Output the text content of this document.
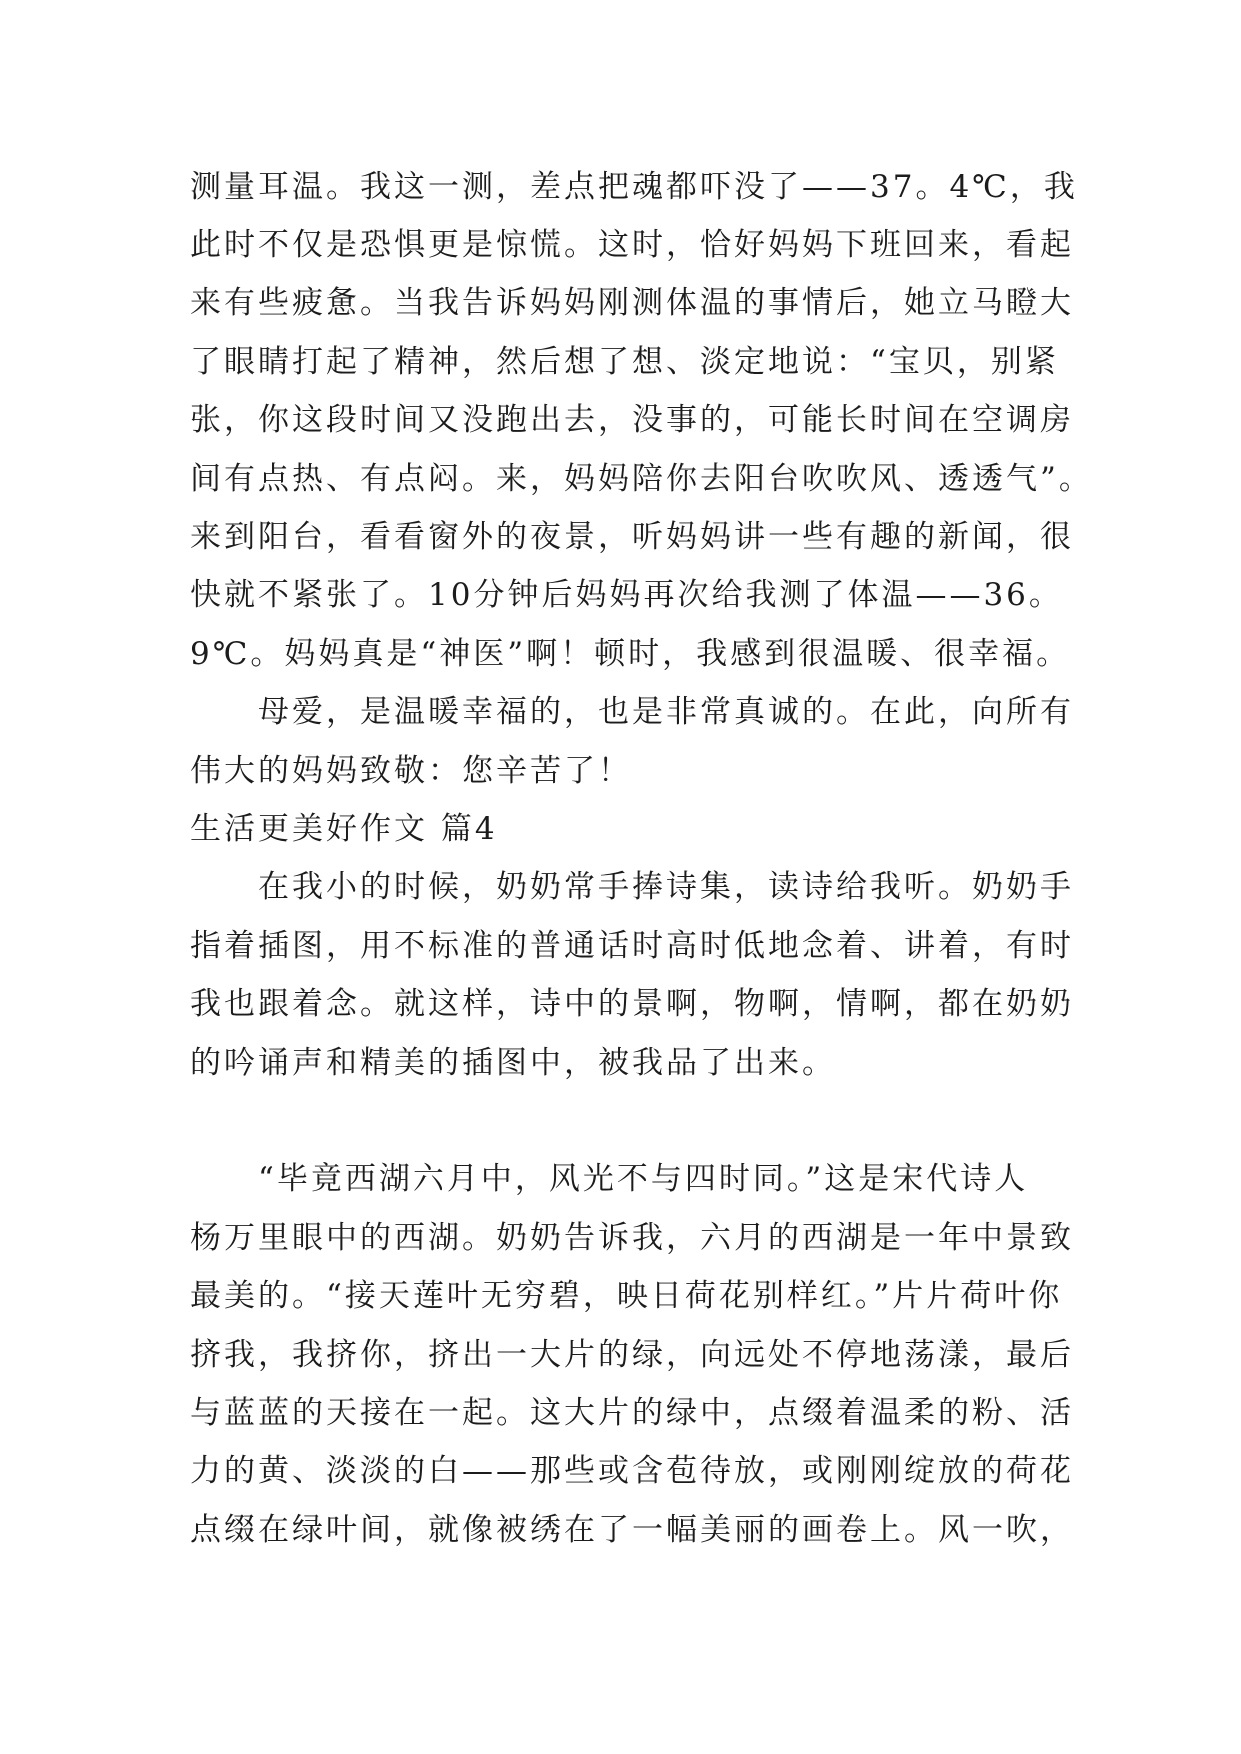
测量耳温。我这一测，差点把魂都吓没了——37。4℃，我
此时不仅是恐惧更是惊慌。这时，恰好妈妈下班回来，看起
来有些疲惫。当我告诉妈妈刚测体温的事情后，她立马瞪大
了眼睛打起了精神，然后想了想、淡定地说：“宝贝，别紧
张，你这段时间又没跑出去，没事的，可能长时间在空调房
间有点热、有点闷。来，妈妈陪你去阳台吹吹风、透透气”。
来到阳台，看看窗外的夜景，听妈妈讲一些有趣的新闻，很
快就不紧张了。10分钟后妈妈再次给我测了体温——36。
9℃。妈妈真是“神医”啊！顿时，我感到很温暖、很幸福。
　　母爱，是温暖幸福的，也是非常真诚的。在此，向所有
伟大的妈妈致敬：您辛苦了！
生活更美好作文 篇4
　　在我小的时候，奶奶常手捧诗集，读诗给我听。奶奶手
指着插图，用不标准的普通话时高时低地念着、讲着，有时
我也跟着念。就这样，诗中的景啊，物啊，情啊，都在奶奶
的吟诵声和精美的插图中，被我品了出来。
　　“毕竟西湖六月中，风光不与四时同。”这是宋代诗人
杨万里眼中的西湖。奶奶告诉我，六月的西湖是一年中景致
最美的。“接天莲叶无穷碧，映日荷花别样红。”片片荷叶你
挤我，我挤你，挤出一大片的绿，向远处不停地荡漾，最后
与蓝蓝的天接在一起。这大片的绿中，点缀着温柔的粉、活
力的黄、淡淡的白——那些或含苞待放，或刚刚绽放的荷花
点缀在绿叶间，就像被绣在了一幅美丽的画卷上。风一吹，
